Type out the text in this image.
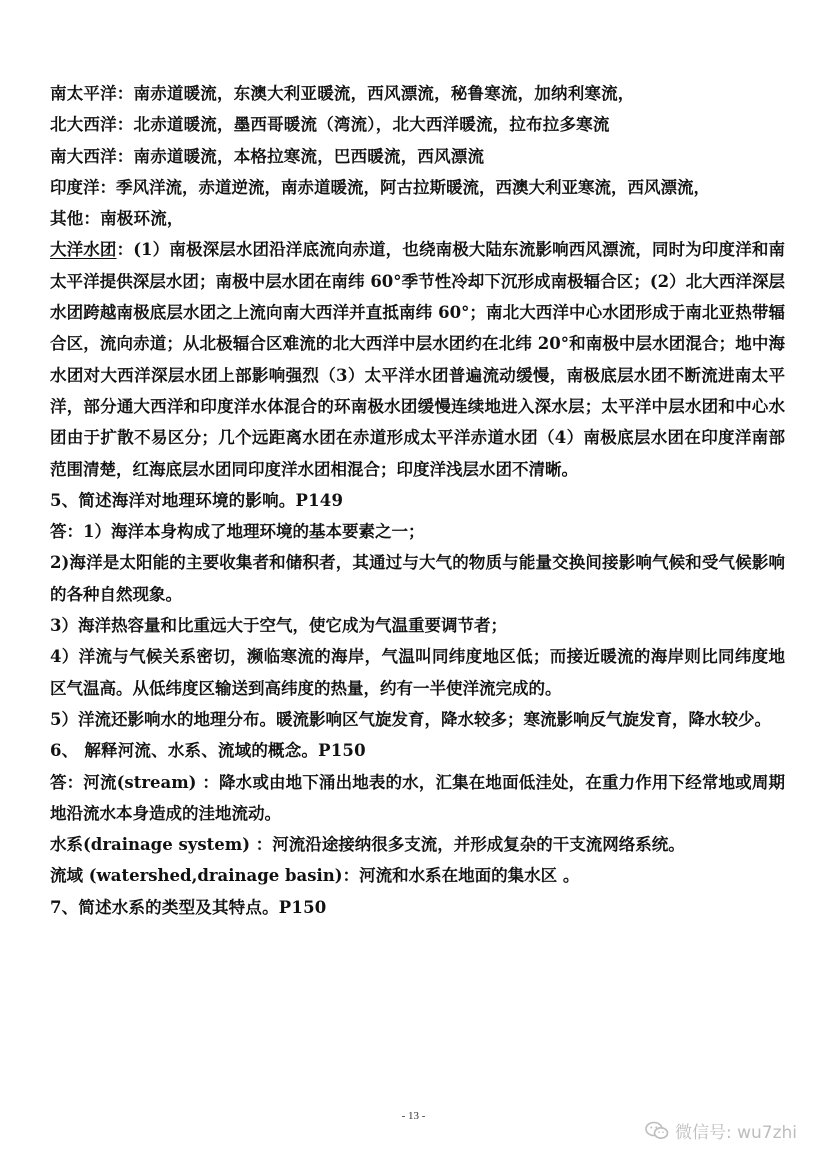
南太平洋：南赤道暖流，东澳大利亚暖流，西风漂流，秘鲁寒流，加纳利寒流，
北大西洋：北赤道暖流，墨西哥暖流（湾流），北大西洋暖流，拉布拉多寒流
南大西洋：南赤道暖流，本格拉寒流，巴西暖流，西风漂流
印度洋：季风洋流，赤道逆流，南赤道暖流，阿古拉斯暖流，西澳大利亚寒流，西风漂流，
其他：南极环流，
大洋水团：(1）南极深层水团沿洋底流向赤道，也绕南极大陆东流影响西风漂流，同时为印度洋和南太平洋提供深层水团；南极中层水团在南纬 60°季节性冷却下沉形成南极辐合区；(2）北大西洋深层水团跨越南极底层水团之上流向南大西洋并直抵南纬 60°；南北大西洋中心水团形成于南北亚热带辐合区，流向赤道；从北极辐合区难流的北大西洋中层水团约在北纬 20°和南极中层水团混合；地中海水团对大西洋深层水团上部影响强烈（3）太平洋水团普遍流动缓慢，南极底层水团不断流进南太平洋，部分通大西洋和印度洋水体混合的环南极水团缓慢连续地进入深水层；太平洋中层水团和中心水团由于扩散不易区分；几个远距离水团在赤道形成太平洋赤道水团（4）南极底层水团在印度洋南部范围清楚，红海底层水团同印度洋水团相混合；印度洋浅层水团不清晰。
5、简述海洋对地理环境的影响。P149
答：1）海洋本身构成了地理环境的基本要素之一；
2)海洋是太阳能的主要收集者和储积者，其通过与大气的物质与能量交换间接影响气候和受气候影响的各种自然现象。
3）海洋热容量和比重远大于空气，使它成为气温重要调节者；
4）洋流与气候关系密切，濒临寒流的海岸，气温叫同纬度地区低；而接近暖流的海岸则比同纬度地区气温高。从低纬度区输送到高纬度的热量，约有一半使洋流完成的。
5）洋流还影响水的地理分布。暖流影响区气旋发育，降水较多；寒流影响反气旋发育，降水较少。
6、 解释河流、水系、流域的概念。P150
答：河流(stream) ：降水或由地下涌出地表的水，汇集在地面低洼处，在重力作用下经常地或周期地沿流水本身造成的洼地流动。
水系(drainage system) ：河流沿途接纳很多支流，并形成复杂的干支流网络系统。
流域 (watershed,drainage basin)：河流和水系在地面的集水区 。
7、简述水系的类型及其特点。P150
- 13 -
微信号: wu7zhi
